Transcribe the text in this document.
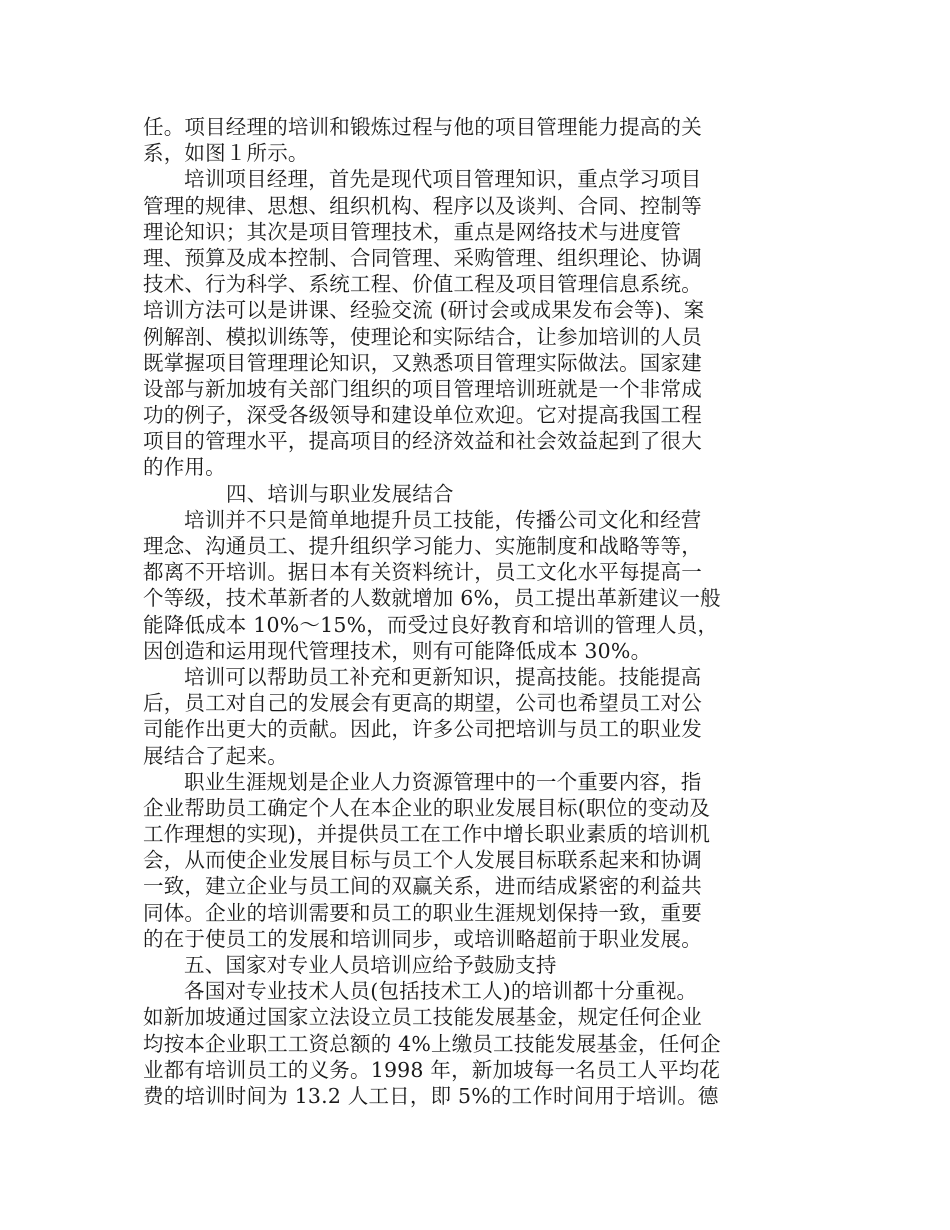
任。项目经理的培训和锻炼过程与他的项目管理能力提高的关
系，如图１所示。
培训项目经理，首先是现代项目管理知识，重点学习项目
管理的规律、思想、组织机构、程序以及谈判、合同、控制等
理论知识；其次是项目管理技术，重点是网络技术与进度管
理、预算及成本控制、合同管理、采购管理、组织理论、协调
技术、行为科学、系统工程、价值工程及项目管理信息系统。
培训方法可以是讲课、经验交流 (研讨会或成果发布会等)、案
例解剖、模拟训练等，使理论和实际结合，让参加培训的人员
既掌握项目管理理论知识，又熟悉项目管理实际做法。国家建
设部与新加坡有关部门组织的项目管理培训班就是一个非常成
功的例子，深受各级领导和建设单位欢迎。它对提高我国工程
项目的管理水平，提高项目的经济效益和社会效益起到了很大
的作用。
四、培训与职业发展结合
培训并不只是简单地提升员工技能，传播公司文化和经营
理念、沟通员工、提升组织学习能力、实施制度和战略等等，
都离不开培训。据日本有关资料统计，员工文化水平每提高一
个等级，技术革新者的人数就增加 6%，员工提出革新建议一般
能降低成本 10%～15%，而受过良好教育和培训的管理人员，
因创造和运用现代管理技术，则有可能降低成本 30%。
培训可以帮助员工补充和更新知识，提高技能。技能提高
后，员工对自己的发展会有更高的期望，公司也希望员工对公
司能作出更大的贡献。因此，许多公司把培训与员工的职业发
展结合了起来。
职业生涯规划是企业人力资源管理中的一个重要内容，指
企业帮助员工确定个人在本企业的职业发展目标(职位的变动及
工作理想的实现)，并提供员工在工作中增长职业素质的培训机
会，从而使企业发展目标与员工个人发展目标联系起来和协调
一致，建立企业与员工间的双赢关系，进而结成紧密的利益共
同体。企业的培训需要和员工的职业生涯规划保持一致，重要
的在于使员工的发展和培训同步，或培训略超前于职业发展。
五、国家对专业人员培训应给予鼓励支持
各国对专业技术人员(包括技术工人)的培训都十分重视。
如新加坡通过国家立法设立员工技能发展基金，规定任何企业
均按本企业职工工资总额的 4%上缴员工技能发展基金，任何企
业都有培训员工的义务。1998 年，新加坡每一名员工人平均花
费的培训时间为 13.2 人工日，即 5%的工作时间用于培训。德
